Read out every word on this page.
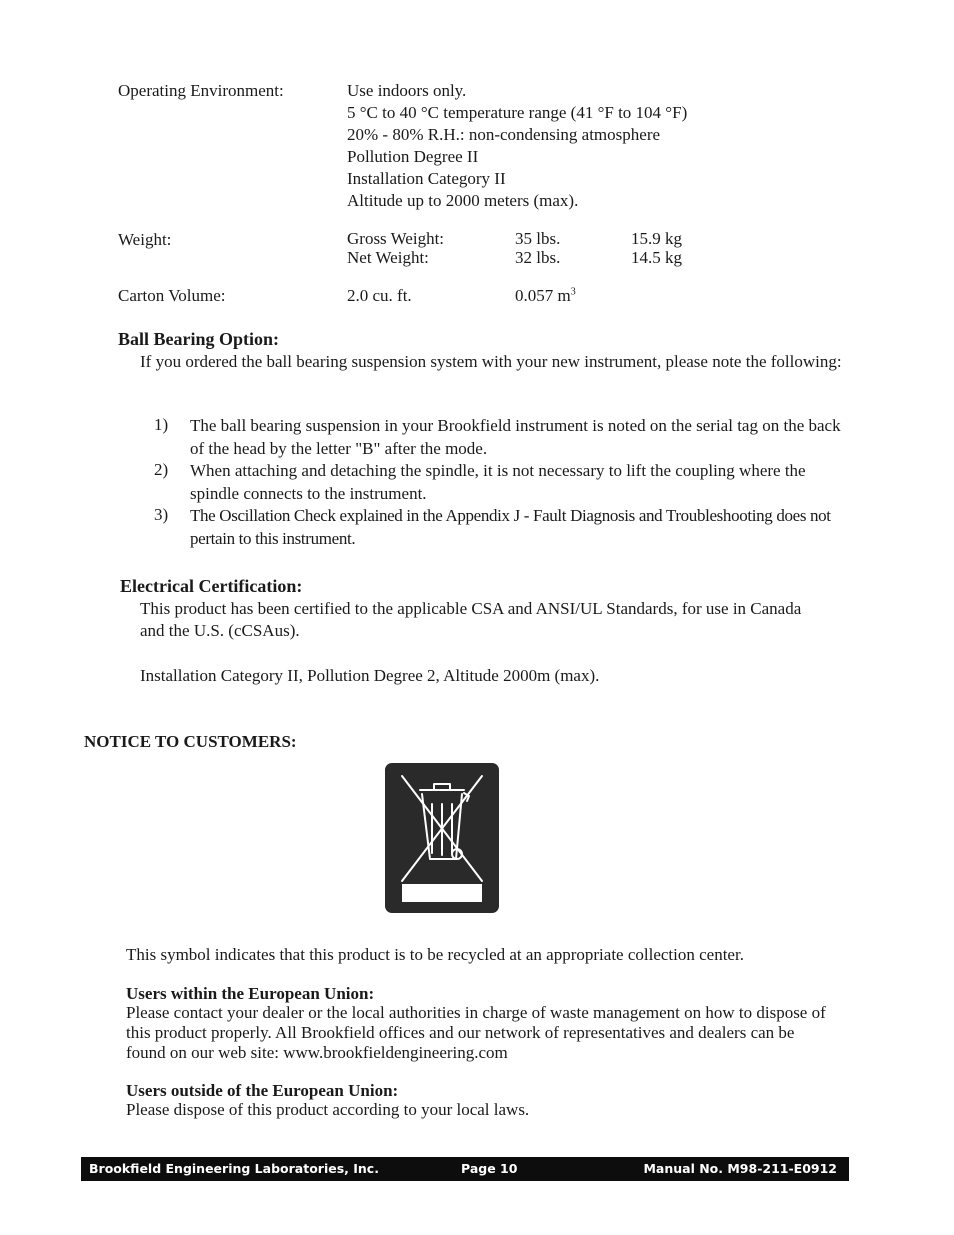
Operating Environment:	Use indoors only.
5 °C to 40 °C temperature range (41 °F to 104 °F)
20% - 80% R.H.: non-condensing atmosphere
Pollution Degree II
Installation Category II
Altitude up to 2000 meters (max).
Weight:	Gross Weight:	35 lbs.	15.9 kg
Net Weight:	32 lbs.	14.5 kg
Carton Volume:	2.0 cu. ft.	0.057 $m^3$
Ball Bearing Option:
If you ordered the ball bearing suspension system with your new instrument, please note the following:
1) The ball bearing suspension in your Brookfield instrument is noted on the serial tag on the back of the head by the letter "B" after the mode.
2) When attaching and detaching the spindle, it is not necessary to lift the coupling where the spindle connects to the instrument.
3) The Oscillation Check explained in the Appendix J - Fault Diagnosis and Troubleshooting does not pertain to this instrument.
Electrical Certification:
This product has been certified to the applicable CSA and ANSI/UL Standards, for use in Canada and the U.S. (cCSAus).
Installation Category II, Pollution Degree 2, Altitude 2000m (max).
NOTICE TO CUSTOMERS:
This symbol indicates that this product is to be recycled at an appropriate collection center.
Users within the European Union:
Please contact your dealer or the local authorities in charge of waste management on how to dispose of this product properly. All Brookfield offices and our network of representatives and dealers can be found on our web site: www.brookfieldengineering.com
Users outside of the European Union:
Please dispose of this product according to your local laws.
Brookfield Engineering Laboratories, Inc.	Page 10	Manual No. M98-211-E0912
